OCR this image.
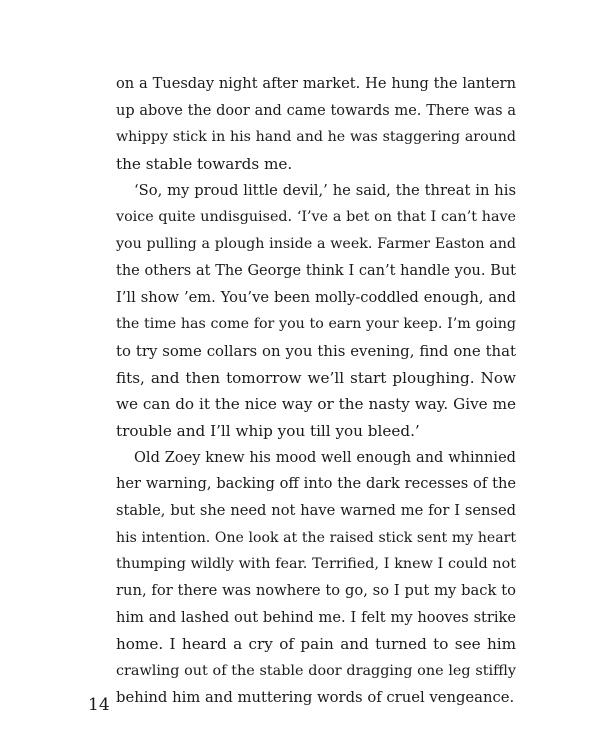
on a Tuesday night after market. He hung the lantern
up above the door and came towards me. There was a
whippy stick in his hand and he was staggering around
the stable towards me.
‘So, my proud little devil,’ he said, the threat in his
voice quite undisguised. ‘I’ve a bet on that I can’t have
you pulling a plough inside a week. Farmer Easton and
the others at The George think I can’t handle you. But
I’ll show ’em. You’ve been molly-coddled enough, and
the time has come for you to earn your keep. I’m going
to try some collars on you this evening, find one that
fits, and then tomorrow we’ll start ploughing. Now
we can do it the nice way or the nasty way. Give me
trouble and I’ll whip you till you bleed.’
Old Zoey knew his mood well enough and whinnied
her warning, backing off into the dark recesses of the
stable, but she need not have warned me for I sensed
his intention. One look at the raised stick sent my heart
thumping wildly with fear. Terrified, I knew I could not
run, for there was nowhere to go, so I put my back to
him and lashed out behind me. I felt my hooves strike
home. I heard a cry of pain and turned to see him
crawling out of the stable door dragging one leg stiffly
behind him and muttering words of cruel vengeance.
14
